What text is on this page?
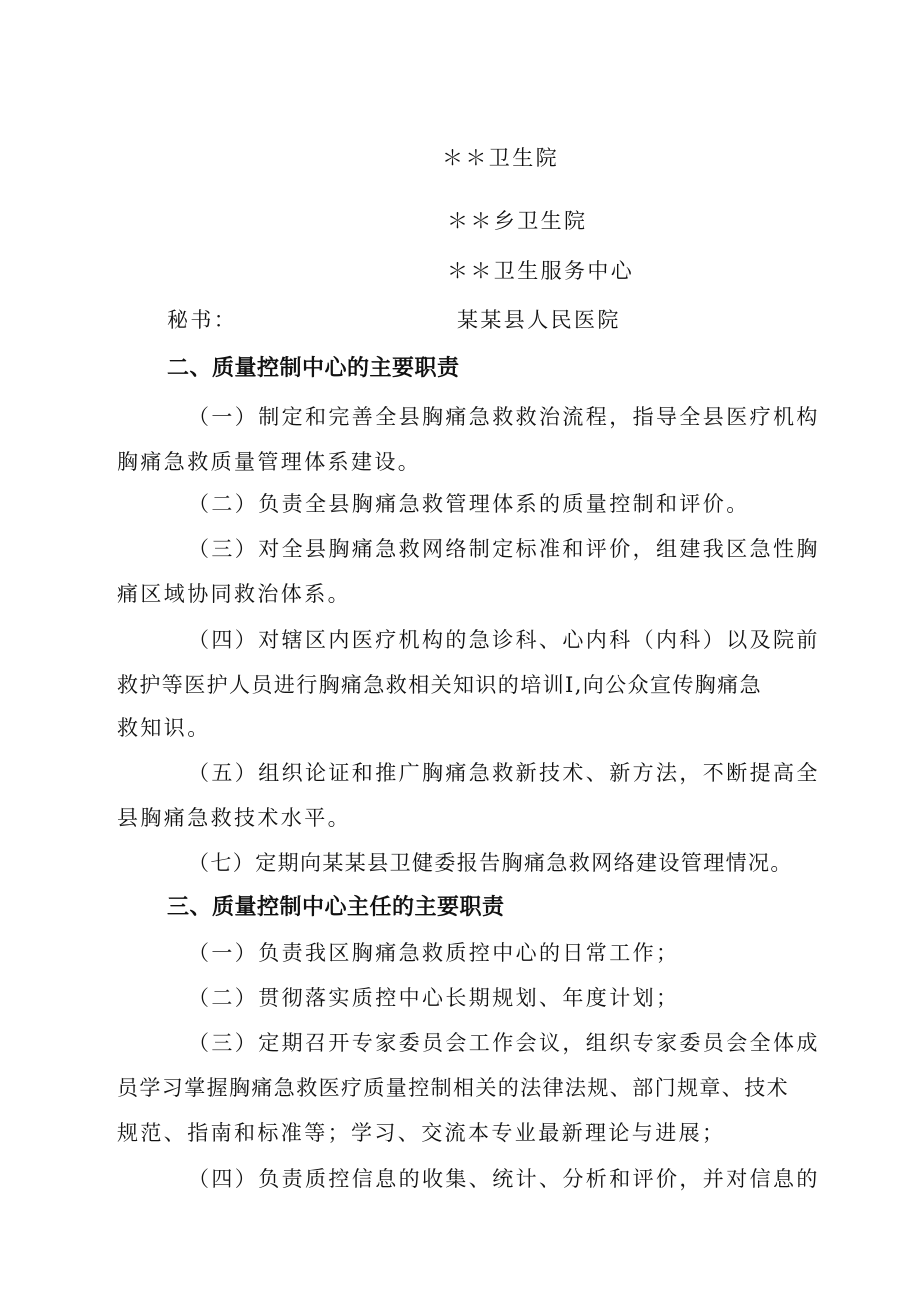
＊＊卫生院
＊＊乡卫生院
＊＊卫生服务中心
秘书：	某某县人民医院
二、质量控制中心的主要职责
（一）制定和完善全县胸痛急救救治流程，指导全县医疗机构
胸痛急救质量管理体系建设。
（二）负责全县胸痛急救管理体系的质量控制和评价。
（三）对全县胸痛急救网络制定标准和评价，组建我区急性胸
痛区域协同救治体系。
（四）对辖区内医疗机构的急诊科、心内科（内科）以及院前
救护等医护人员进行胸痛急救相关知识的培训I,向公众宣传胸痛急
救知识。
（五）组织论证和推广胸痛急救新技术、新方法，不断提高全
县胸痛急救技术水平。
（七）定期向某某县卫健委报告胸痛急救网络建设管理情况。
三、质量控制中心主任的主要职责
（一）负责我区胸痛急救质控中心的日常工作；
（二）贯彻落实质控中心长期规划、年度计划；
（三）定期召开专家委员会工作会议，组织专家委员会全体成
员学习掌握胸痛急救医疗质量控制相关的法律法规、部门规章、技术
规范、指南和标准等；学习、交流本专业最新理论与进展；
（四）负责质控信息的收集、统计、分析和评价，并对信息的
